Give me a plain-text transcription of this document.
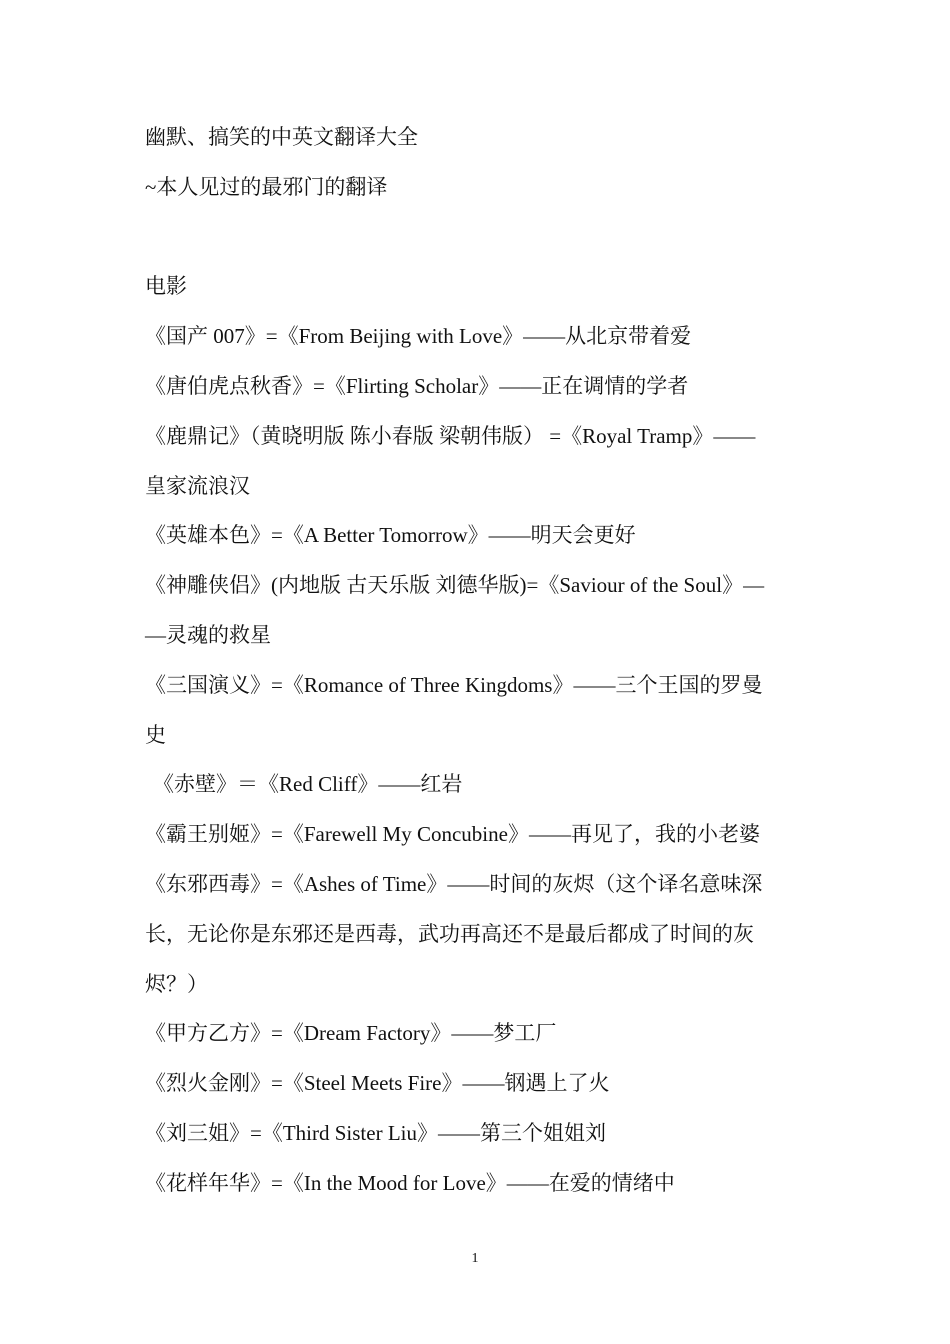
幽默、搞笑的中英文翻译大全
~本人见过的最邪门的翻译
电影
《国产 007》=《From Beijing with Love》——从北京带着爱
《唐伯虎点秋香》=《Flirting Scholar》——正在调情的学者
《鹿鼎记》（黄晓明版 陈小春版 梁朝伟版） =《Royal Tramp》——
皇家流浪汉
《英雄本色》=《A Better Tomorrow》——明天会更好
《神雕侠侣》(内地版 古天乐版 刘德华版)=《Saviour of the Soul》—
—灵魂的救星
《三国演义》=《Romance of Three Kingdoms》——三个王国的罗曼
史
《赤壁》＝《Red Cliff》——红岩
《霸王别姬》=《Farewell My Concubine》——再见了，我的小老婆
《东邪西毒》=《Ashes of Time》——时间的灰烬（这个译名意味深
长，无论你是东邪还是西毒，武功再高还不是最后都成了时间的灰
烬？）
《甲方乙方》=《Dream Factory》——梦工厂
《烈火金刚》=《Steel Meets Fire》——钢遇上了火
《刘三姐》=《Third Sister Liu》——第三个姐姐刘
《花样年华》=《In the Mood for Love》——在爱的情绪中
1
